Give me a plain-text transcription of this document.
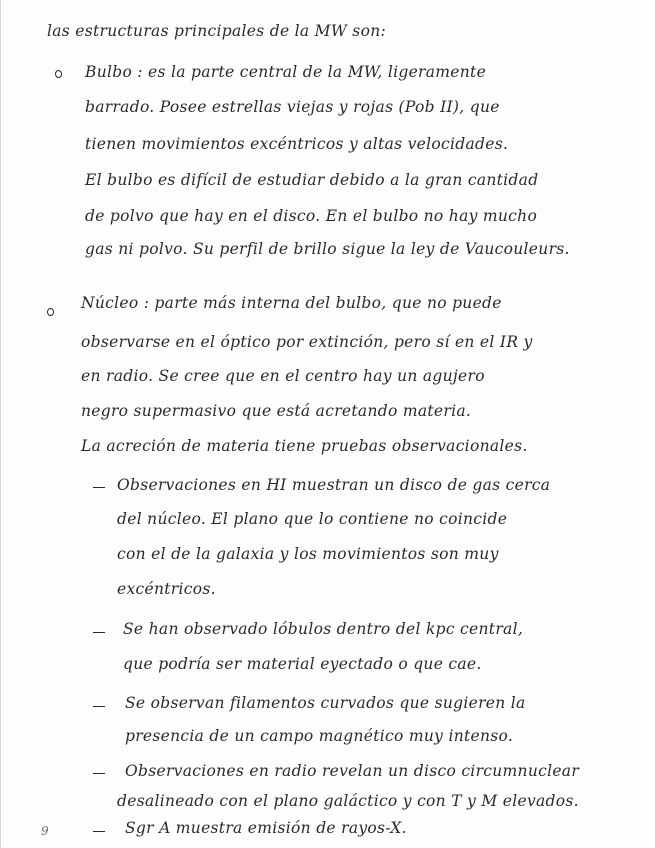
las estructuras principales de la MW son:
Bulbo : es la parte central de la MW, ligeramente
barrado. Posee estrellas viejas y rojas (Pob II), que
tienen movimientos excéntricos y altas velocidades.
El bulbo es difícil de estudiar debido a la gran cantidad
de polvo que hay en el disco. En el bulbo no hay mucho
gas ni polvo. Su perfil de brillo sigue la ley de Vaucouleurs.
Núcleo : parte más interna del bulbo, que no puede
observarse en el óptico por extinción, pero sí en el IR y
en radio. Se cree que en el centro hay un agujero
negro supermasivo que está acretando materia.
La acreción de materia tiene pruebas observacionales.
Observaciones en HI muestran un disco de gas cerca
del núcleo. El plano que lo contiene no coincide
con el de la galaxia y los movimientos son muy
excéntricos.
Se han observado lóbulos dentro del kpc central,
que podría ser material eyectado o que cae.
Se observan filamentos curvados que sugieren la
presencia de un campo magnético muy intenso.
Observaciones en radio revelan un disco circumnuclear
desalineado con el plano galáctico y con T y M elevados.
Sgr A muestra emisión de rayos-X.
9
